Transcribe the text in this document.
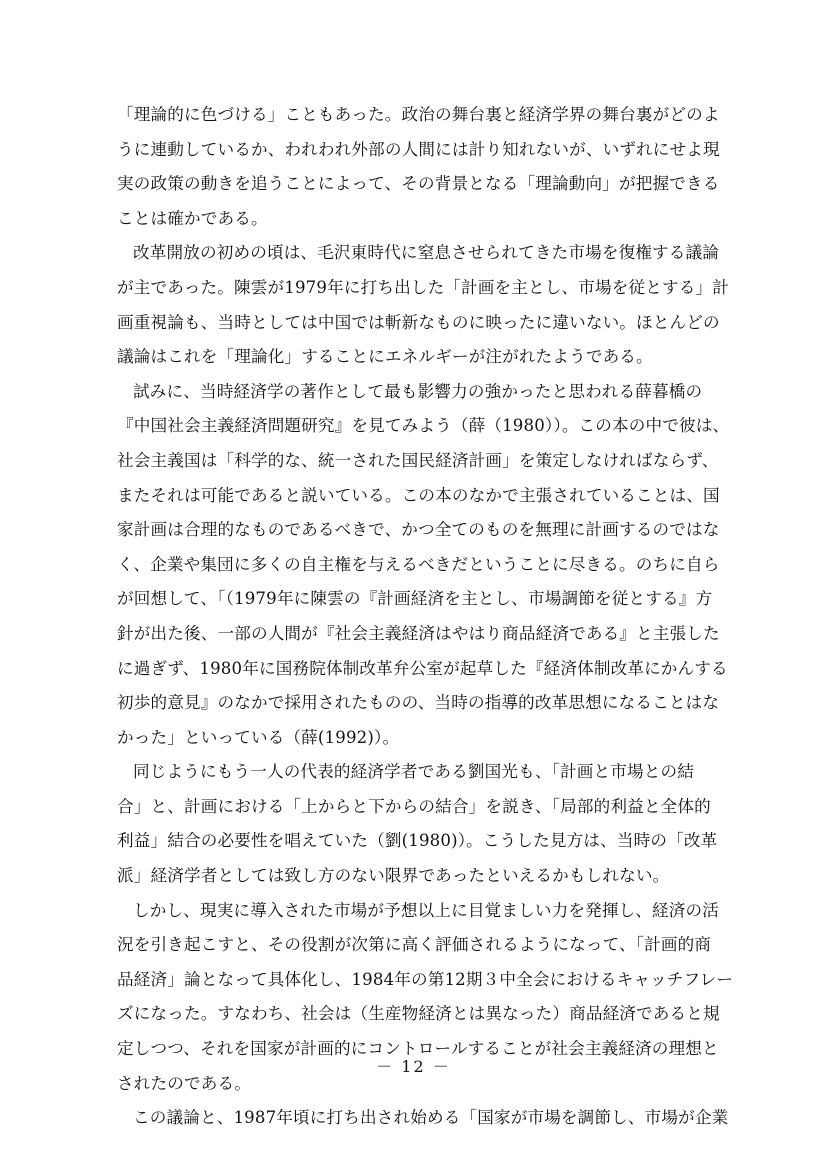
「理論的に色づける」こともあった。政治の舞台裏と経済学界の舞台裏がどのよ
うに連動しているか、われわれ外部の人間には計り知れないが、いずれにせよ現
実の政策の動きを追うことによって、その背景となる「理論動向」が把握できる
ことは確かである。
改革開放の初めの頃は、毛沢東時代に窒息させられてきた市場を復権する議論
が主であった。陳雲が1979年に打ち出した「計画を主とし、市場を従とする」計
画重視論も、当時としては中国では斬新なものに映ったに違いない。ほとんどの
議論はこれを「理論化」することにエネルギーが注がれたようである。
試みに、当時経済学の著作として最も影響力の強かったと思われる薛暮橋の
『中国社会主義経済問題研究』を見てみよう（薛（1980））。この本の中で彼は、
社会主義国は「科学的な、統一された国民経済計画」を策定しなければならず、
またそれは可能であると説いている。この本のなかで主張されていることは、国
家計画は合理的なものであるべきで、かつ全てのものを無理に計画するのではな
く、企業や集団に多くの自主権を与えるべきだということに尽きる。のちに自ら
が回想して、「（1979年に陳雲の『計画経済を主とし、市場調節を従とする』方
針が出た後、一部の人間が『社会主義経済はやはり商品経済である』と主張した
に過ぎず、1980年に国務院体制改革弁公室が起草した『経済体制改革にかんする
初歩的意見』のなかで採用されたものの、当時の指導的改革思想になることはな
かった」といっている（薛(1992)）。
同じようにもう一人の代表的経済学者である劉国光も、「計画と市場との結
合」と、計画における「上からと下からの結合」を説き、「局部的利益と全体的
利益」結合の必要性を唱えていた（劉(1980)）。こうした見方は、当時の「改革
派」経済学者としては致し方のない限界であったといえるかもしれない。
しかし、現実に導入された市場が予想以上に目覚ましい力を発揮し、経済の活
況を引き起こすと、その役割が次第に高く評価されるようになって、「計画的商
品経済」論となって具体化し、1984年の第12期３中全会におけるキャッチフレー
ズになった。すなわち、社会は（生産物経済とは異なった）商品経済であると規
定しつつ、それを国家が計画的にコントロールすることが社会主義経済の理想と
されたのである。
この議論と、1987年頃に打ち出され始める「国家が市場を調節し、市場が企業
－ 12 －
